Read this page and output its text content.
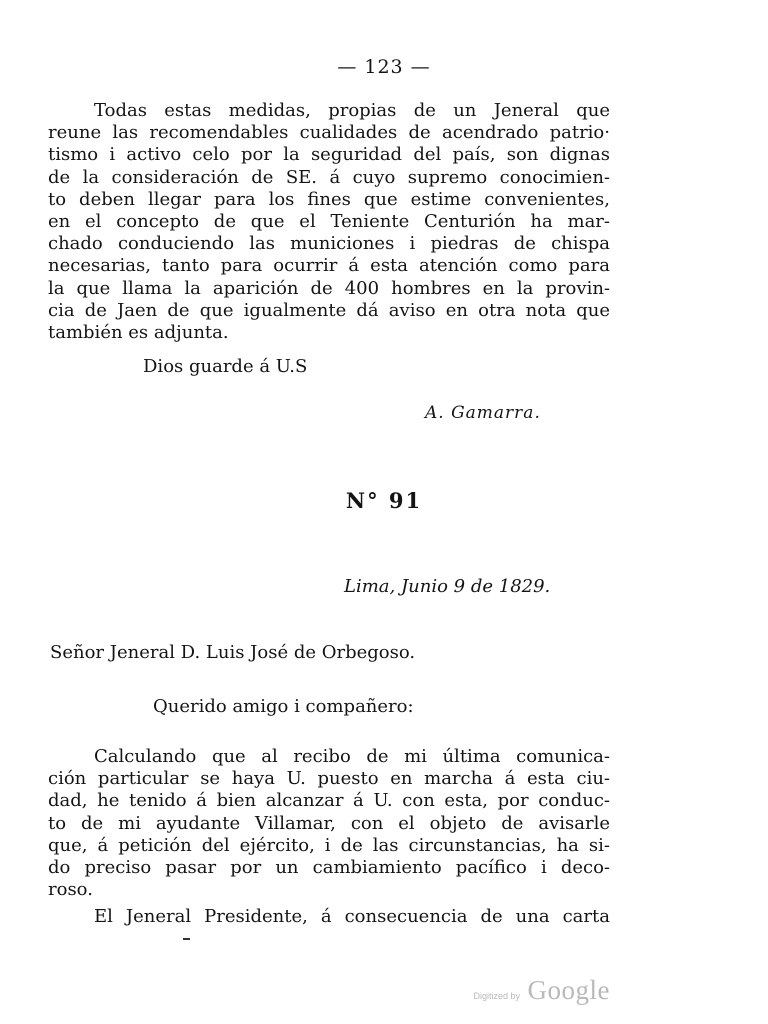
— 123 —
Todas estas medidas, propias de un Jeneral que
reune las recomendables cualidades de acendrado patrio·
tismo i activo celo por la seguridad del país, son dignas
de la consideración de SE. á cuyo supremo conocimien-
to deben llegar para los fines que estime convenientes,
en el concepto de que el Teniente Centurión ha mar-
chado conduciendo las municiones i piedras de chispa
necesarias, tanto para ocurrir á esta atención como para
la que llama la aparición de 400 hombres en la provin-
cia de Jaen de que igualmente dá aviso en otra nota que
también es adjunta.
Dios guarde á U.S
A. Gamarra.
N° 91
Lima, Junio 9 de 1829.
Señor Jeneral D. Luis José de Orbegoso.
Querido amigo i compañero:
Calculando que al recibo de mi última comunica-
ción particular se haya U. puesto en marcha á esta ciu-
dad, he tenido á bien alcanzar á U. con esta, por conduc-
to de mi ayudante Villamar, con el objeto de avisarle
que, á petición del ejército, i de las circunstancias, ha si-
do preciso pasar por un cambiamiento pacífico i deco-
roso.
El Jeneral Presidente, á consecuencia de una carta
Digitized by Google
